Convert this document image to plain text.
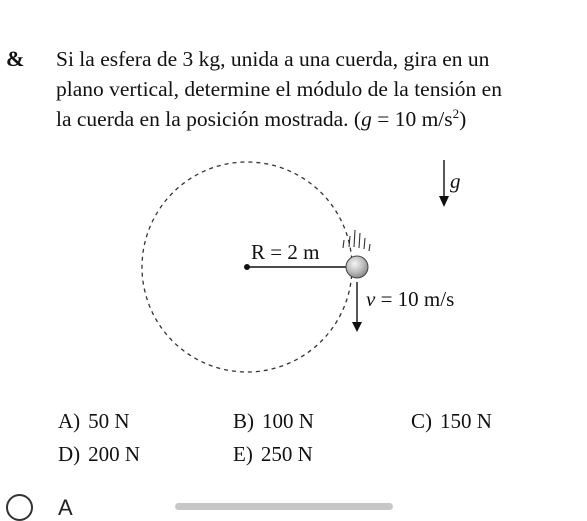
& Si la esfera de 3 kg, unida a una cuerda, gira en un
plano vertical, determine el módulo de la tensión en
la cuerda en la posición mostrada. (g = 10 $m/s^2$)

R = 2 m
v = 10 m/s
g
A) 50 N	B) 100 N	C) 150 N
D) 200 N	E) 250 N
A
